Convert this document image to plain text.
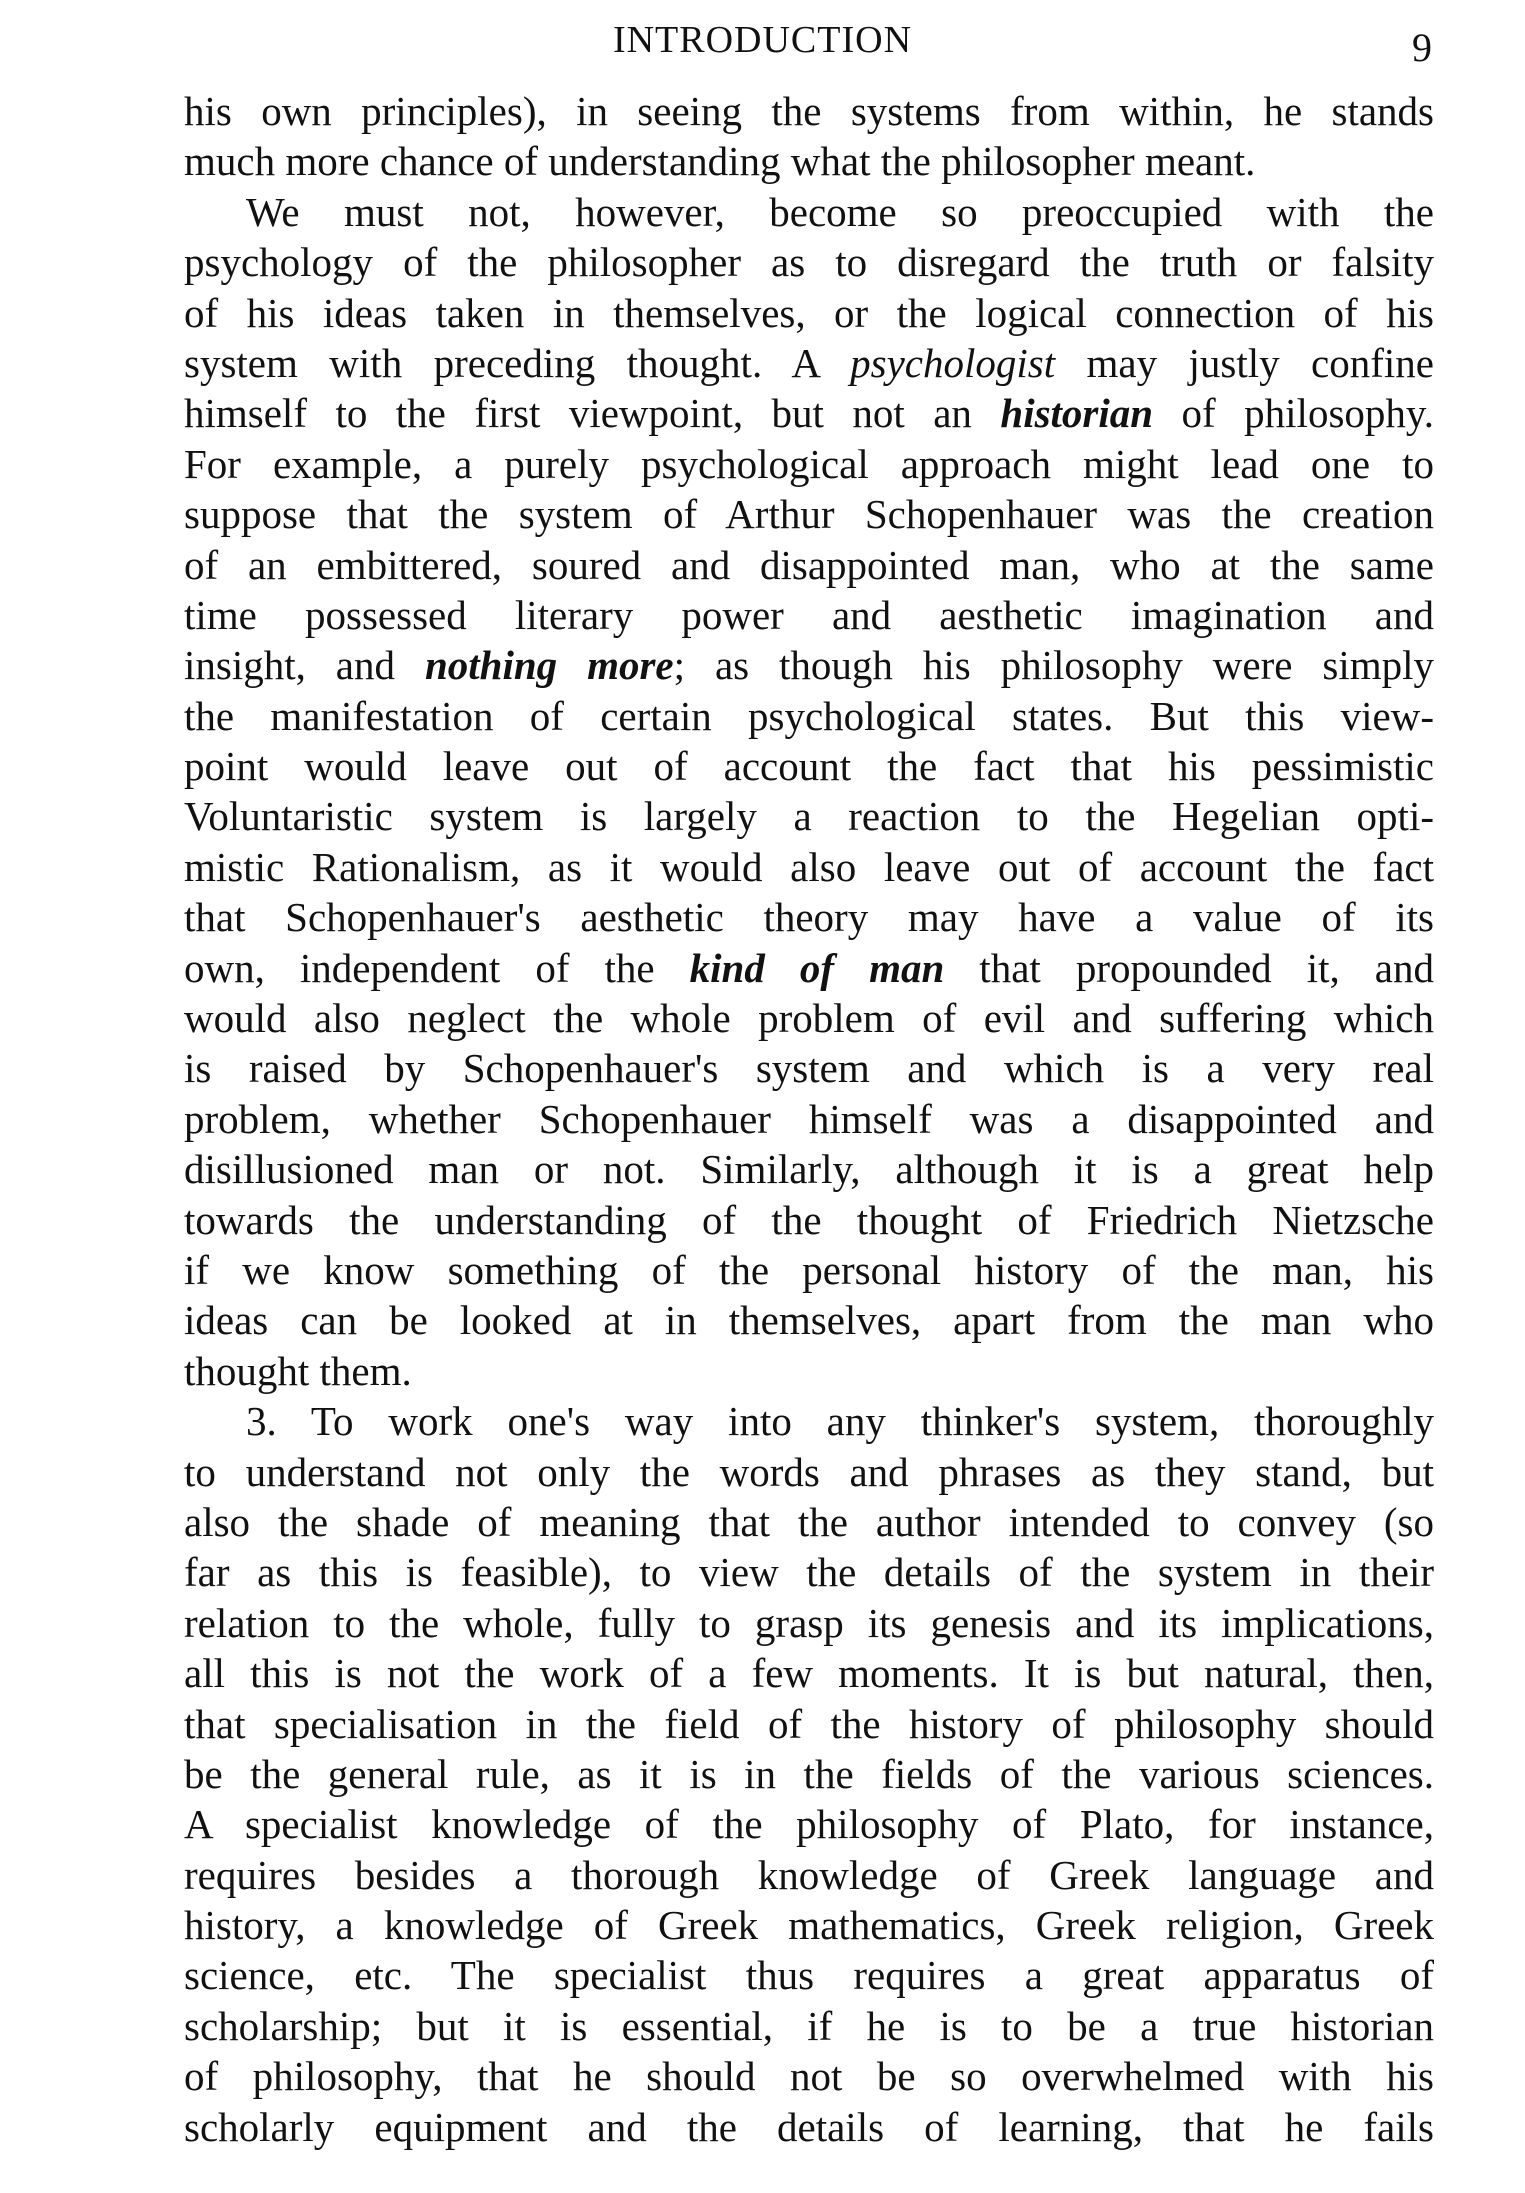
INTRODUCTION	9
his own principles), in seeing the systems from within, he stands
much more chance of understanding what the philosopher meant.
We must not, however, become so preoccupied with the
psychology of the philosopher as to disregard the truth or falsity
of his ideas taken in themselves, or the logical connection of his
system with preceding thought. A psychologist may justly confine
himself to the first viewpoint, but not an historian of philosophy.
For example, a purely psychological approach might lead one to
suppose that the system of Arthur Schopenhauer was the creation
of an embittered, soured and disappointed man, who at the same
time possessed literary power and aesthetic imagination and
insight, and nothing more; as though his philosophy were simply
the manifestation of certain psychological states. But this view-
point would leave out of account the fact that his pessimistic
Voluntaristic system is largely a reaction to the Hegelian opti-
mistic Rationalism, as it would also leave out of account the fact
that Schopenhauer's aesthetic theory may have a value of its
own, independent of the kind of man that propounded it, and
would also neglect the whole problem of evil and suffering which
is raised by Schopenhauer's system and which is a very real
problem, whether Schopenhauer himself was a disappointed and
disillusioned man or not. Similarly, although it is a great help
towards the understanding of the thought of Friedrich Nietzsche
if we know something of the personal history of the man, his
ideas can be looked at in themselves, apart from the man who
thought them.
3. To work one's way into any thinker's system, thoroughly
to understand not only the words and phrases as they stand, but
also the shade of meaning that the author intended to convey (so
far as this is feasible), to view the details of the system in their
relation to the whole, fully to grasp its genesis and its implications,
all this is not the work of a few moments. It is but natural, then,
that specialisation in the field of the history of philosophy should
be the general rule, as it is in the fields of the various sciences.
A specialist knowledge of the philosophy of Plato, for instance,
requires besides a thorough knowledge of Greek language and
history, a knowledge of Greek mathematics, Greek religion, Greek
science, etc. The specialist thus requires a great apparatus of
scholarship; but it is essential, if he is to be a true historian
of philosophy, that he should not be so overwhelmed with his
scholarly equipment and the details of learning, that he fails
